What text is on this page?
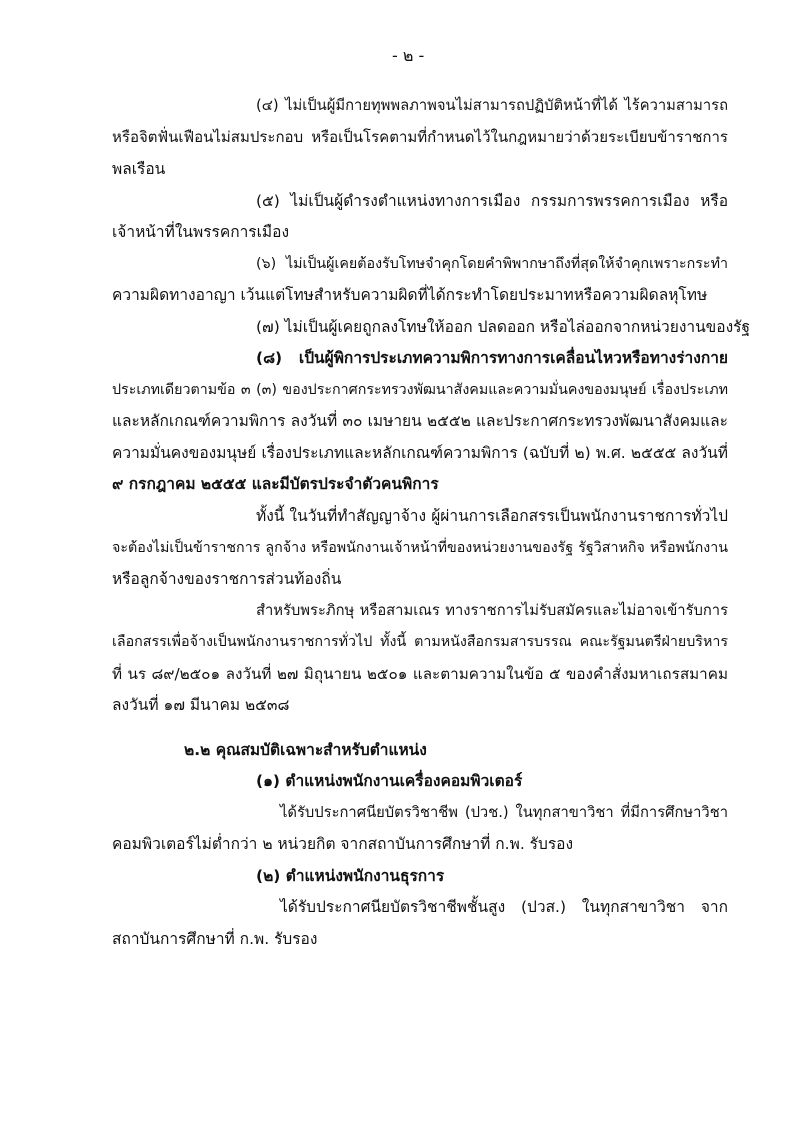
- ๒ -
(๔) ไม่เป็นผู้มีกายทุพพลภาพจนไม่สามารถปฏิบัติหน้าที่ได้ ไร้ความสามารถ
หรือจิตฟั่นเฟือนไม่สมประกอบ หรือเป็นโรคตามที่กำหนดไว้ในกฎหมายว่าด้วยระเบียบข้าราชการ
พลเรือน
(๕) ไม่เป็นผู้ดำรงตำแหน่งทางการเมือง กรรมการพรรคการเมือง หรือ
เจ้าหน้าที่ในพรรคการเมือง
(๖) ไม่เป็นผู้เคยต้องรับโทษจำคุกโดยคำพิพากษาถึงที่สุดให้จำคุกเพราะกระทำ
ความผิดทางอาญา เว้นแต่โทษสำหรับความผิดที่ได้กระทำโดยประมาทหรือความผิดลหุโทษ
(๗) ไม่เป็นผู้เคยถูกลงโทษให้ออก ปลดออก หรือไล่ออกจากหน่วยงานของรัฐ
(๘) เป็นผู้พิการประเภทความพิการทางการเคลื่อนไหวหรือทางร่างกาย
ประเภทเดียวตามข้อ ๓ (๓) ของประกาศกระทรวงพัฒนาสังคมและความมั่นคงของมนุษย์ เรื่องประเภท
และหลักเกณฑ์ความพิการ ลงวันที่ ๓๐ เมษายน ๒๕๕๒ และประกาศกระทรวงพัฒนาสังคมและ
ความมั่นคงของมนุษย์ เรื่องประเภทและหลักเกณฑ์ความพิการ (ฉบับที่ ๒) พ.ศ. ๒๕๕๕ ลงวันที่
๙ กรกฎาคม ๒๕๕๕ และมีบัตรประจำตัวคนพิการ
ทั้งนี้ ในวันที่ทำสัญญาจ้าง ผู้ผ่านการเลือกสรรเป็นพนักงานราชการทั่วไป
จะต้องไม่เป็นข้าราชการ ลูกจ้าง หรือพนักงานเจ้าหน้าที่ของหน่วยงานของรัฐ รัฐวิสาหกิจ หรือพนักงาน
หรือลูกจ้างของราชการส่วนท้องถิ่น
สำหรับพระภิกษุ หรือสามเณร ทางราชการไม่รับสมัครและไม่อาจเข้ารับการ
เลือกสรรเพื่อจ้างเป็นพนักงานราชการทั่วไป ทั้งนี้ ตามหนังสือกรมสารบรรณ คณะรัฐมนตรีฝ่ายบริหาร
ที่ นร ๘๙/๒๕๐๑ ลงวันที่ ๒๗ มิถุนายน ๒๕๐๑ และตามความในข้อ ๕ ของคำสั่งมหาเถรสมาคม
ลงวันที่ ๑๗ มีนาคม ๒๕๓๘
๒.๒ คุณสมบัติเฉพาะสำหรับตำแหน่ง
(๑) ตำแหน่งพนักงานเครื่องคอมพิวเตอร์
ได้รับประกาศนียบัตรวิชาชีพ (ปวช.) ในทุกสาขาวิชา ที่มีการศึกษาวิชา
คอมพิวเตอร์ไม่ต่ำกว่า ๒ หน่วยกิต จากสถาบันการศึกษาที่ ก.พ. รับรอง
(๒) ตำแหน่งพนักงานธุรการ
ได้รับประกาศนียบัตรวิชาชีพชั้นสูง (ปวส.) ในทุกสาขาวิชา จาก
สถาบันการศึกษาที่ ก.พ. รับรอง
